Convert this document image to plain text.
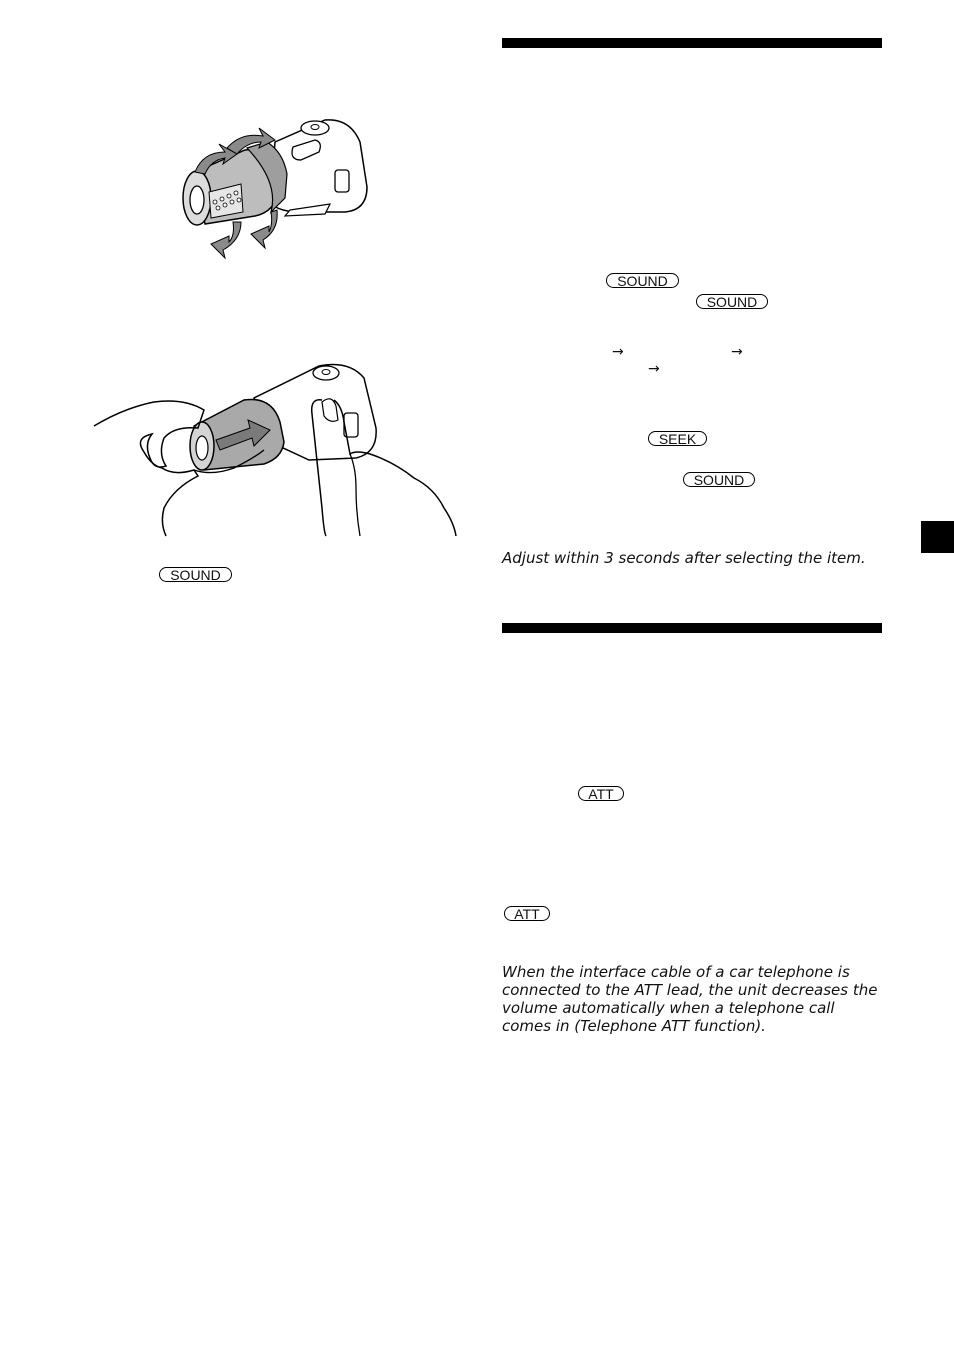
SOUND
SOUND
SOUND
→	→
→
SEEK
SOUND
Adjust within 3 seconds after selecting the item.
ATT
ATT
When the interface cable of a car telephone is connected to the ATT lead, the unit decreases the volume automatically when a telephone call comes in (Telephone ATT function).
